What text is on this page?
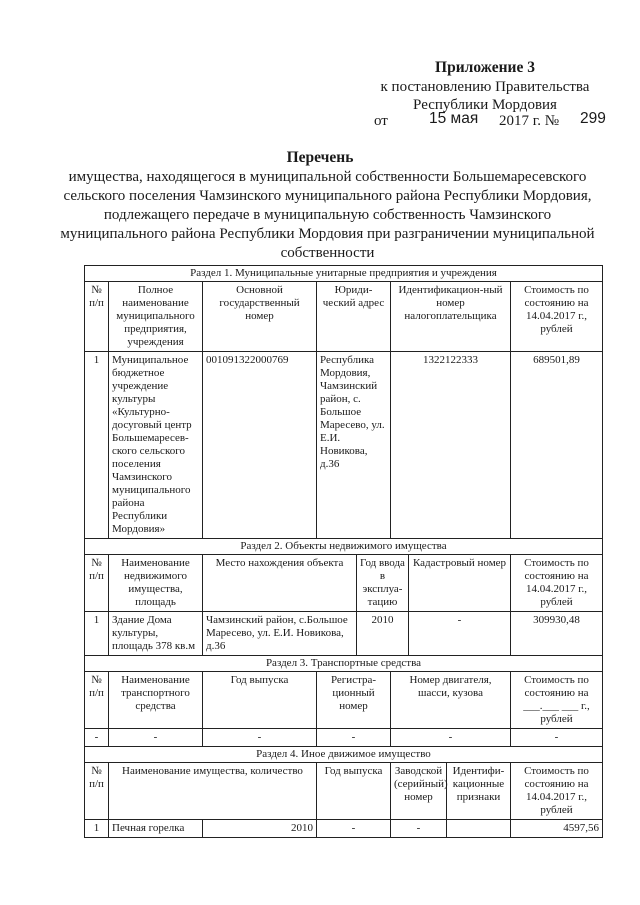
Приложение 3
к постановлению Правительства
Республики Мордовия
от	15 мая 2017 г. № 299
Перечень
имущества, находящегося в муниципальной собственности Большемаресевского сельского поселения Чамзинского муниципального района Республики Мордовия, подлежащего передаче в муниципальную собственность Чамзинского муниципального района Республики Мордовия при разграничении муниципальной собственности
Раздел 1. Муниципальные унитарные предприятия и учреждения								
№ п/п	Полное наименование муниципального предприятия, учреждения	Основной государственный номер	Юриди-ческий адрес		Идентификацион-ный номер налогоплательщика			Стоимость по состоянию на 14.04.2017 г., рублей
1	Муниципальное бюджетное учреждение культуры «Культурно-досуговый центр Большемаресев-ского сельского поселения Чамзинского муниципального района Республики Мордовия»	001091322000769	Республика Мордовия, Чамзинский район, с. Большое Маресево, ул. Е.И. Новикова, д.36		1322122333			689501,89
Раздел 2. Объекты недвижимого имущества								
№ п/п	Наименование недвижимого имущества, площадь	Место нахождения объекта		Год ввода в эксплуа-тацию		Кадастровый номер		Стоимость по состоянию на 14.04.2017 г., рублей
1	Здание Дома культуры, площадь 378 кв.м	Чамзинский район, с.Большое Маресево, ул. Е.И. Новикова, д.36		2010		-		309930,48
Раздел 3. Транспортные средства								
№ п/п	Наименование транспортного средства	Год выпуска	Регистра-ционный номер		Номер двигателя, шасси, кузова			Стоимость по состоянию на ___.___ ___ г., рублей
-	-	-	-		-			-
Раздел 4. Иное движимое имущество								
№ п/п	Наименование имущества, количество		Год выпуска		Заводской (серийный) номер		Идентифи-кационные признаки	Стоимость по состоянию на 14.04.2017 г., рублей
1	Печная горелка	2010	-		-			4597,56
